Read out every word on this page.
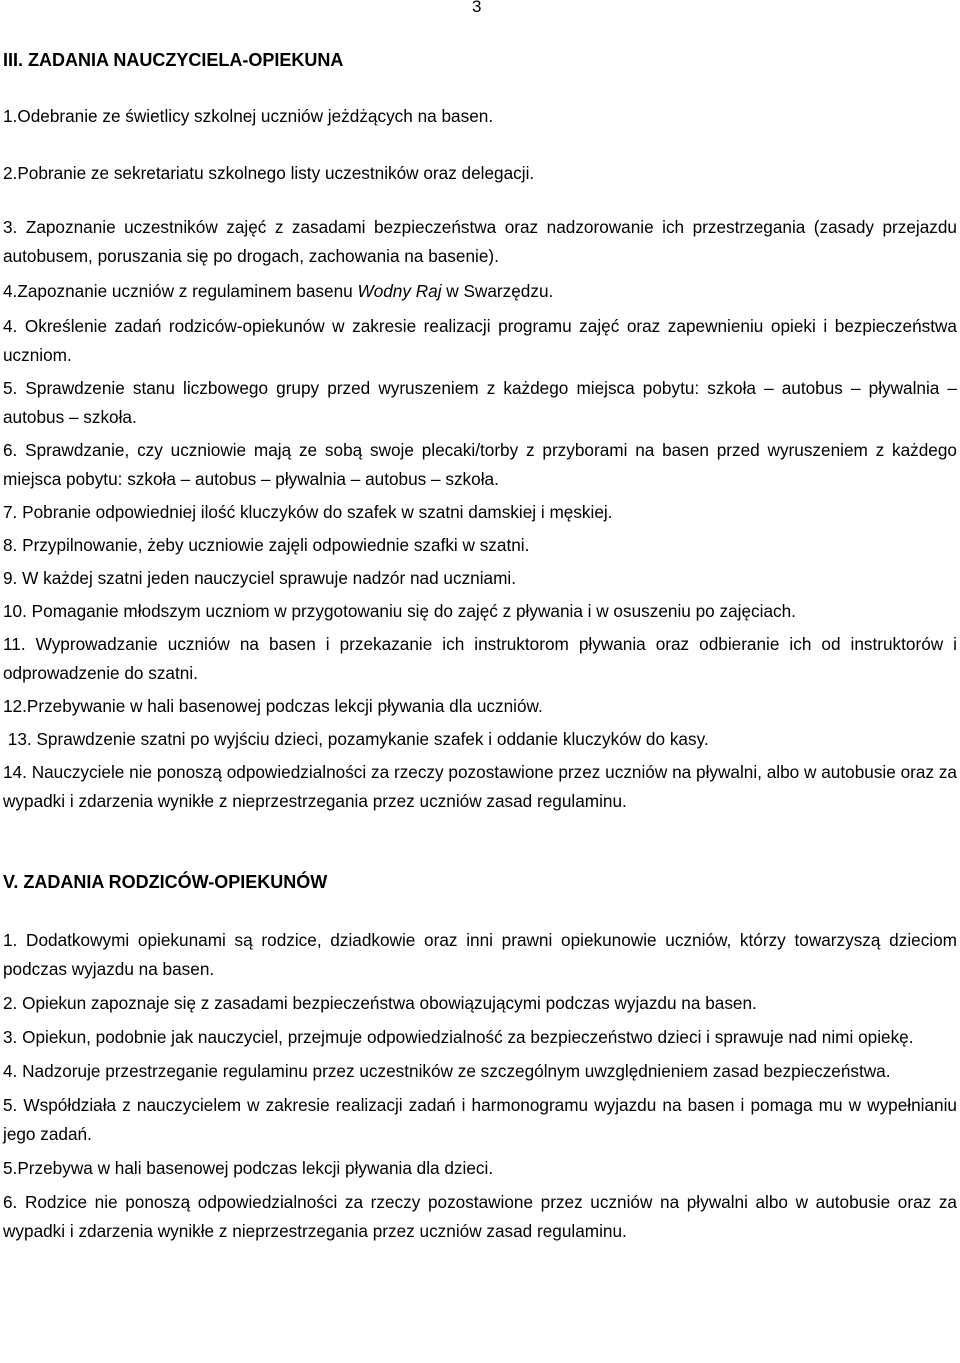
3

III. ZADANIA NAUCZYCIELA-OPIEKUNA

1.Odebranie ze świetlicy szkolnej uczniów jeżdżących na basen.

2.Pobranie ze sekretariatu szkolnego listy uczestników oraz delegacji.

3. Zapoznanie uczestników zajęć z zasadami bezpieczeństwa oraz nadzorowanie ich przestrzegania (zasady przejazdu autobusem, poruszania się po drogach, zachowania na basenie).

4.Zapoznanie uczniów z regulaminem basenu Wodny Raj w Swarzędzu.

4. Określenie zadań rodziców-opiekunów w zakresie realizacji programu zajęć oraz zapewnieniu opieki i bezpieczeństwa uczniom.

5. Sprawdzenie stanu liczbowego grupy przed wyruszeniem z każdego miejsca pobytu: szkoła – autobus – pływalnia – autobus – szkoła.

6. Sprawdzanie, czy uczniowie mają ze sobą swoje plecaki/torby z przyborami na basen przed wyruszeniem z każdego miejsca pobytu: szkoła – autobus – pływalnia – autobus – szkoła.

7. Pobranie odpowiedniej ilość kluczyków do szafek w szatni damskiej i męskiej.

8. Przypilnowanie, żeby uczniowie zajęli odpowiednie szafki w szatni.

9. W każdej szatni jeden nauczyciel sprawuje nadzór nad uczniami.

10. Pomaganie młodszym uczniom w przygotowaniu się do zajęć z pływania i w osuszeniu po zajęciach.

11. Wyprowadzanie uczniów na basen i przekazanie ich instruktorom pływania oraz odbieranie ich od instruktorów i odprowadzenie do szatni.

12.Przebywanie w hali basenowej podczas lekcji pływania dla uczniów.

13. Sprawdzenie szatni po wyjściu dzieci, pozamykanie szafek i oddanie kluczyków do kasy.

14. Nauczyciele nie ponoszą odpowiedzialności za rzeczy pozostawione przez uczniów na pływalni, albo w autobusie oraz za wypadki i zdarzenia wynikłe z nieprzestrzegania przez uczniów zasad regulaminu.

V. ZADANIA RODZICÓW-OPIEKUNÓW

1. Dodatkowymi opiekunami są rodzice, dziadkowie oraz inni prawni opiekunowie uczniów, którzy towarzyszą dzieciom podczas wyjazdu na basen.

2. Opiekun zapoznaje się z zasadami bezpieczeństwa obowiązującymi podczas wyjazdu na basen.

3. Opiekun, podobnie jak nauczyciel, przejmuje odpowiedzialność za bezpieczeństwo dzieci i sprawuje nad nimi opiekę.

4. Nadzoruje przestrzeganie regulaminu przez uczestników ze szczególnym uwzględnieniem zasad bezpieczeństwa.

5. Współdziała z nauczycielem w zakresie realizacji zadań i harmonogramu wyjazdu na basen i pomaga mu w wypełnianiu jego zadań.

5.Przebywa w hali basenowej podczas lekcji pływania dla dzieci.

6. Rodzice nie ponoszą odpowiedzialności za rzeczy pozostawione przez uczniów na pływalni albo w autobusie oraz za wypadki i zdarzenia wynikłe z nieprzestrzegania przez uczniów zasad regulaminu.
